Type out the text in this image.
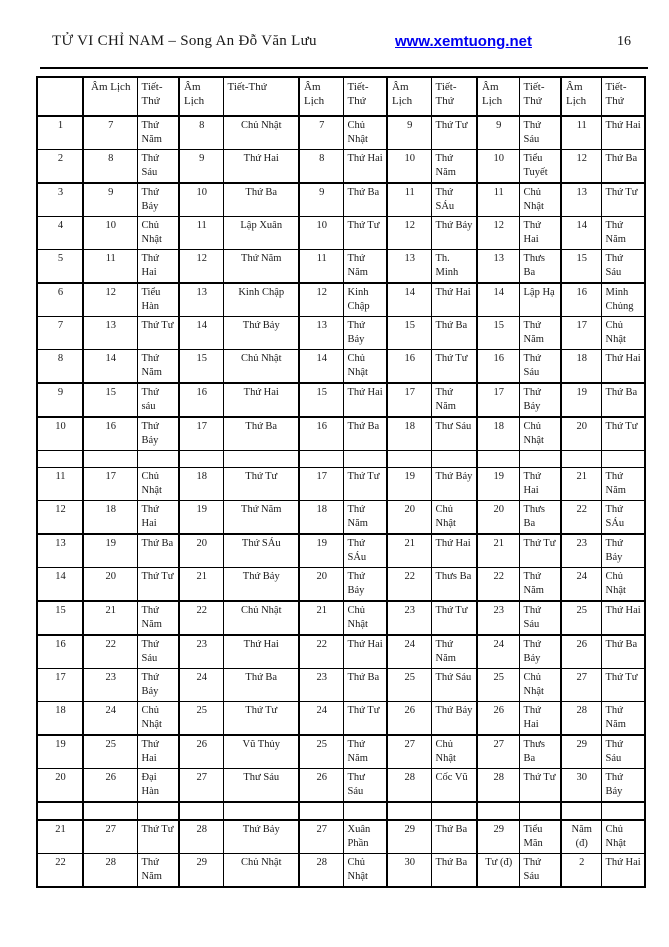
TỬ VI CHỈ NAM – Song An Đỗ Văn Lưu	www.xemtuong.net	16
	Âm Lịch	Tiết-Thứ	Âm Lịch	Tiết-Thứ	Âm Lịch	Tiết-Thứ	Âm Lịch	Tiết-Thứ	Âm Lịch	Tiết-Thứ	Âm Lịch	Tiết-Thứ
1	7	Thứ Năm	8	Chủ Nhật	7	Chủ Nhật	9	Thứ Tư	9	Thứ Sáu	11	Thứ Hai
2	8	Thứ Sáu	9	Thứ Hai	8	Thứ Hai	10	Thứ Năm	10	Tiểu Tuyết	12	Thứ Ba
3	9	Thứ Bảy	10	Thứ Ba	9	Thứ Ba	11	Thứ SÁu	11	Chủ Nhật	13	Thứ Tư
4	10	Chủ Nhật	11	Lập Xuân	10	Thứ Tư	12	Thứ Bảy	12	Thứ Hai	14	Thứ Năm
5	11	Thứ Hai	12	Thứ Năm	11	Thứ Năm	13	Th. Minh	13	Thưs Ba	15	Thứ Sáu
6	12	Tiểu Hàn	13	Kinh Chập	12	Kinh Chập	14	Thứ Hai	14	Lập Hạ	16	Minh Chủng
7	13	Thứ Tư	14	Thứ Bảy	13	Thứ Bảy	15	Thứ Ba	15	Thứ Năm	17	Chủ Nhật
8	14	Thứ Năm	15	Chủ Nhật	14	Chủ Nhật	16	Thứ Tư	16	Thứ Sáu	18	Thứ Hai
9	15	Thứ sáu	16	Thứ Hai	15	Thứ Hai	17	Thứ Năm	17	Thứ Bảy	19	Thứ Ba
10	16	Thứ Bảy	17	Thứ Ba	16	Thứ Ba	18	Thư Sáu	18	Chủ Nhật	20	Thứ Tư

11	17	Chủ Nhật	18	Thứ Tư	17	Thứ Tư	19	Thứ Bảy	19	Thứ Hai	21	Thứ Năm
12	18	Thứ Hai	19	Thứ Năm	18	Thứ Năm	20	Chủ Nhật	20	Thưs Ba	22	Thứ SÁu
13	19	Thứ Ba	20	Thứ SÁu	19	Thứ SÁu	21	Thứ Hai	21	Thứ Tư	23	Thứ Bảy
14	20	Thứ Tư	21	Thứ Bảy	20	Thứ Bảy	22	Thưs Ba	22	Thứ Năm	24	Chủ Nhật
15	21	Thứ Năm	22	Chủ Nhật	21	Chủ Nhật	23	Thứ Tư	23	Thứ Sáu	25	Thứ Hai
16	22	Thứ Sáu	23	Thứ Hai	22	Thứ Hai	24	Thứ Năm	24	Thứ Bảy	26	Thứ Ba
17	23	Thứ Bảy	24	Thứ Ba	23	Thứ Ba	25	Thứ Sáu	25	Chủ Nhật	27	Thứ Tư
18	24	Chủ Nhật	25	Thứ Tư	24	Thứ Tư	26	Thứ Bảy	26	Thứ Hai	28	Thứ Năm
19	25	Thứ Hai	26	Vũ Thủy	25	Thứ Năm	27	Chủ Nhật	27	Thưs Ba	29	Thứ Sáu
20	26	Đại Hàn	27	Thư Sáu	26	Thư Sáu	28	Cốc Vũ	28	Thứ Tư	30	Thứ Bảy

21	27	Thứ Tư	28	Thứ Bảy	27	Xuân Phần	29	Thứ Ba	29	Tiểu Mãn	Năm (đ)	Chủ Nhật
22	28	Thứ Năm	29	Chủ Nhật	28	Chủ Nhật	30	Thứ Ba	Tư (đ)	Thứ Sáu	2	Thứ Hai
